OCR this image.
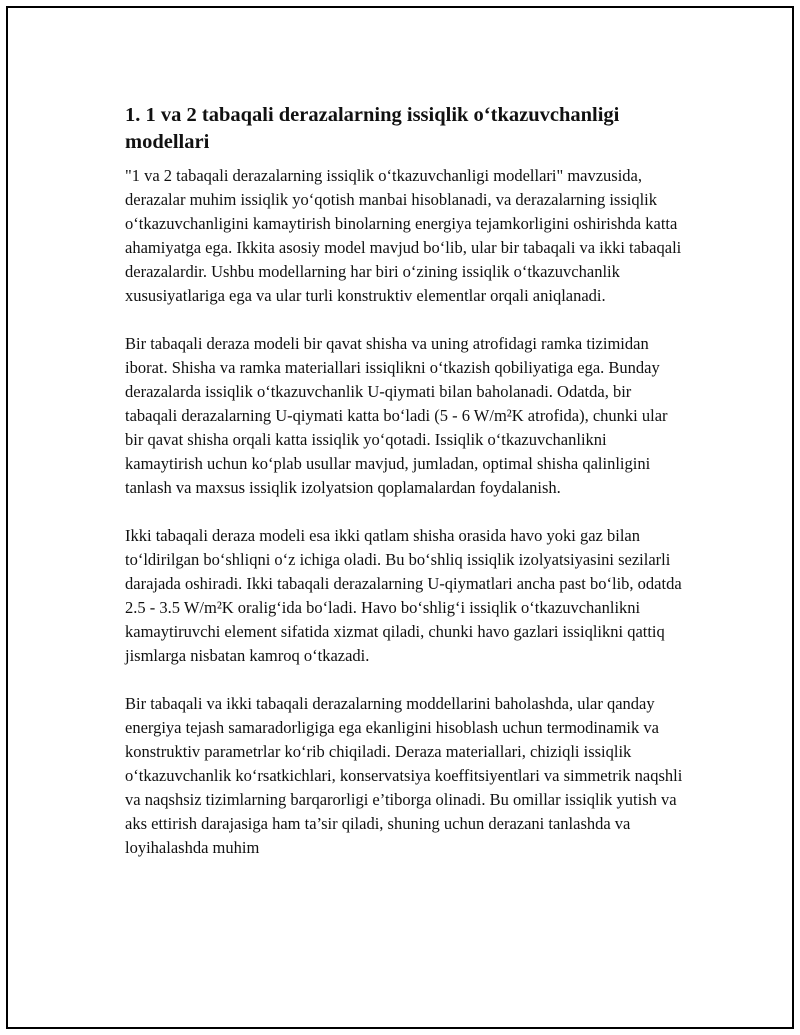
1. 1 va 2 tabaqali derazalarning issiqlik o‘tkazuvchanligi modellari

"1 va 2 tabaqali derazalarning issiqlik o‘tkazuvchanligi modellari" mavzusida, derazalar muhim issiqlik yo‘qotish manbai hisoblanadi, va derazalarning issiqlik o‘tkazuvchanligini kamaytirish binolarning energiya tejamkorligini oshirishda katta ahamiyatga ega. Ikkita asosiy model mavjud bo‘lib, ular bir tabaqali va ikki tabaqali derazalardir. Ushbu modellarning har biri o‘zining issiqlik o‘tkazuvchanlik xususiyatlariga ega va ular turli konstruktiv elementlar orqali aniqlanadi.

Bir tabaqali deraza modeli bir qavat shisha va uning atrofidagi ramka tizimidan iborat. Shisha va ramka materiallari issiqlikni o‘tkazish qobiliyatiga ega. Bunday derazalarda issiqlik o‘tkazuvchanlik U-qiymati bilan baholanadi. Odatda, bir tabaqali derazalarning U-qiymati katta bo‘ladi (5 - 6 W/m²K atrofida), chunki ular bir qavat shisha orqali katta issiqlik yo‘qotadi. Issiqlik o‘tkazuvchanlikni kamaytirish uchun ko‘plab usullar mavjud, jumladan, optimal shisha qalinligini tanlash va maxsus issiqlik izolyatsion qoplamalardan foydalanish.

Ikki tabaqali deraza modeli esa ikki qatlam shisha orasida havo yoki gaz bilan to‘ldirilgan bo‘shliqni o‘z ichiga oladi. Bu bo‘shliq issiqlik izolyatsiyasini sezilarli darajada oshiradi. Ikki tabaqali derazalarning U-qiymatlari ancha past bo‘lib, odatda 2.5 - 3.5 W/m²K oralig‘ida bo‘ladi. Havo bo‘shlig‘i issiqlik o‘tkazuvchanlikni kamaytiruvchi element sifatida xizmat qiladi, chunki havo gazlari issiqlikni qattiq jismlarga nisbatan kamroq o‘tkazadi.

Bir tabaqali va ikki tabaqali derazalarning moddellarini baholashda, ular qanday energiya tejash samaradorligiga ega ekanligini hisoblash uchun termodinamik va konstruktiv parametrlar ko‘rib chiqiladi. Deraza materiallari, chiziqli issiqlik o‘tkazuvchanlik ko‘rsatkichlari, konservatsiya koeffitsiyentlari va simmetrik naqshli va naqshsiz tizimlarning barqarorligi e’tiborga olinadi. Bu omillar issiqlik yutish va aks ettirish darajasiga ham ta’sir qiladi, shuning uchun derazani tanlashda va loyihalashda muhim
